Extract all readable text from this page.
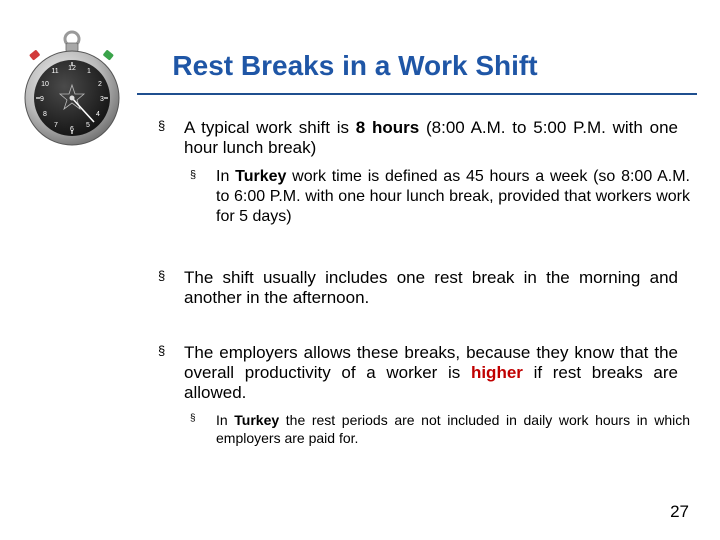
1
2
3
4
5
6
7
8
9
10
11 12	Rest Breaks in a Work Shift
§ A typical work shift is 8 hours (8:00 A.M. to 5:00 P.M. with one hour lunch break)
§ In Turkey work time is defined as 45 hours a week (so 8:00 A.M. to 6:00 P.M. with one hour lunch break, provided that workers work for 5 days)
§ The shift usually includes one rest break in the morning and another in the afternoon.
§ The employers allows these breaks, because they know that the overall productivity of a worker is higher if rest breaks are allowed.
§ In Turkey the rest periods are not included in daily work hours in which employers are paid for.
27
